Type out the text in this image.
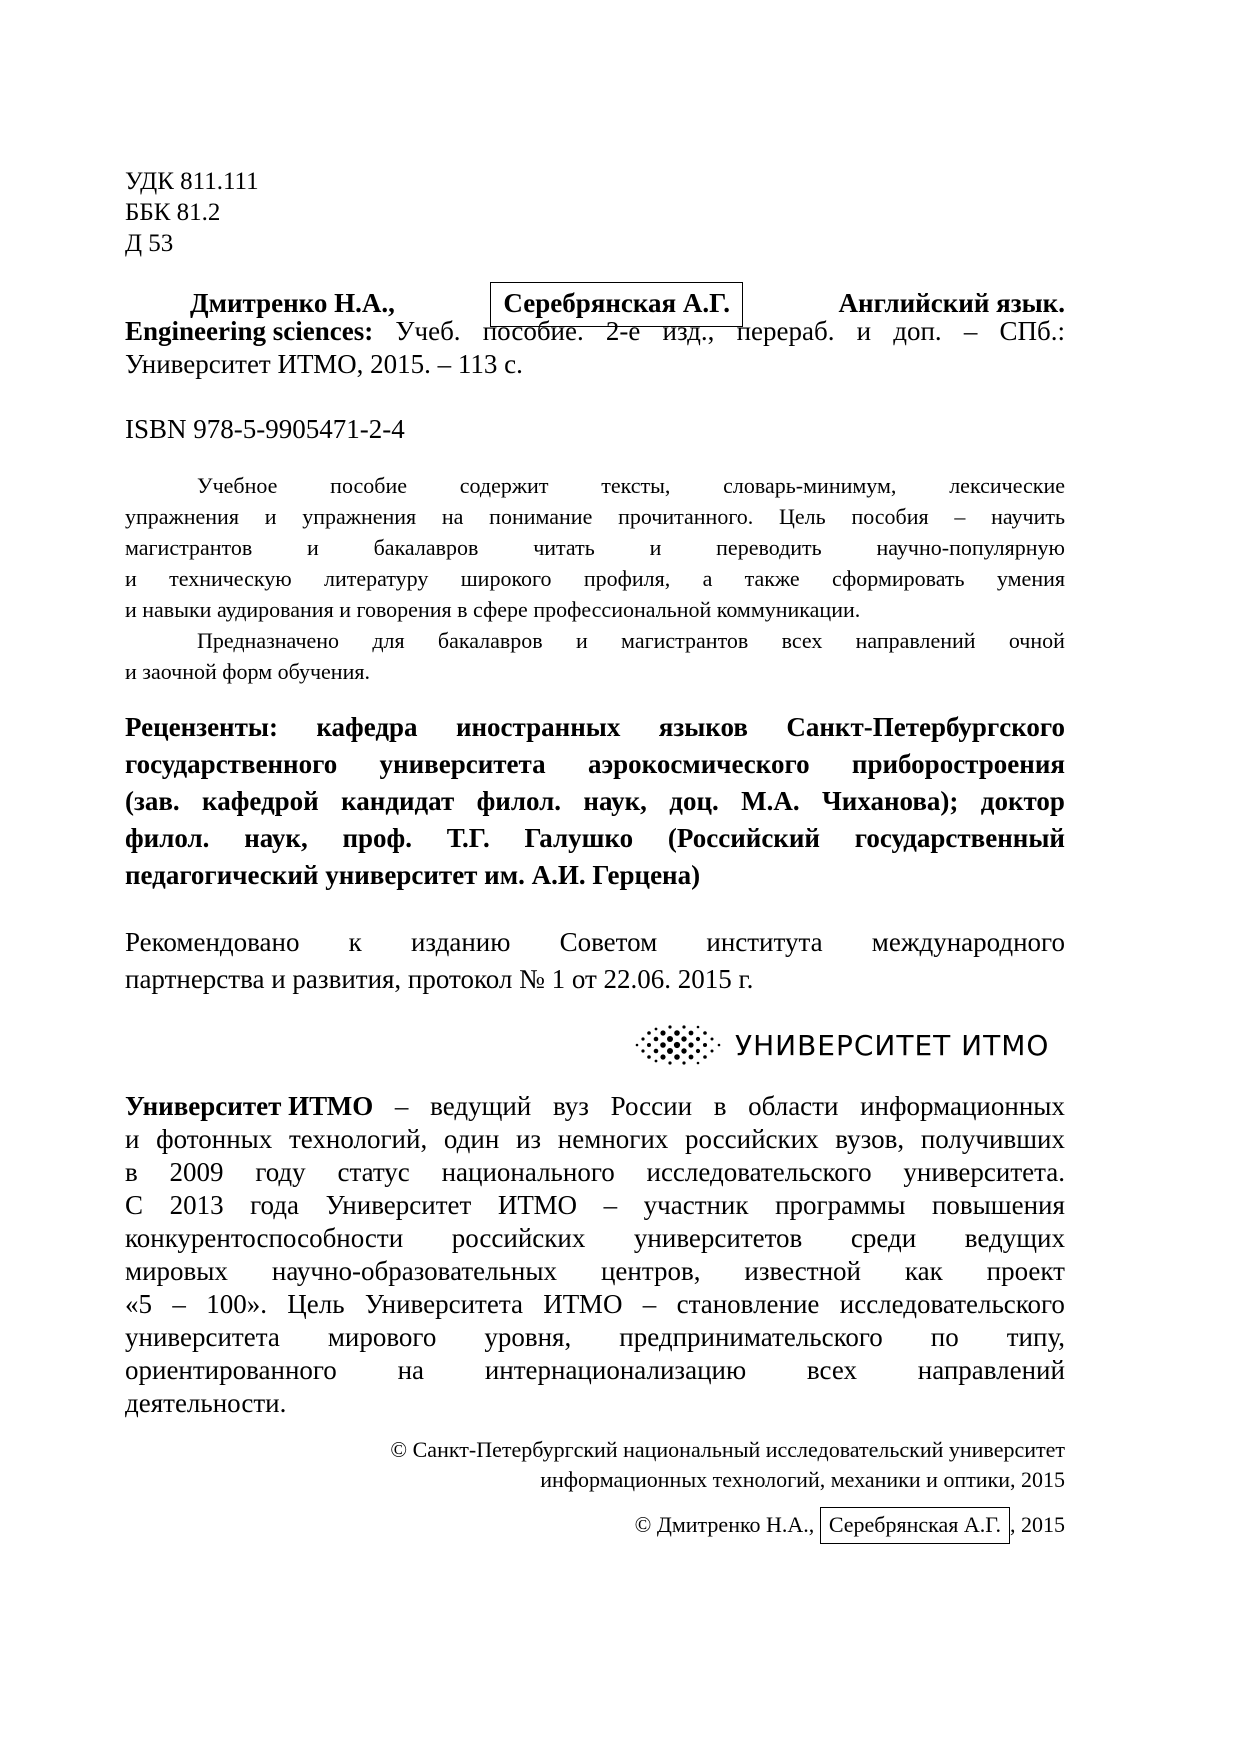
УДК 811.111
ББК 81.2
Д 53
Дмитренко Н.А.,	Серебрянская А.Г.	Английский язык.
Engineering sciences: Учеб. пособие. 2-е изд., перераб. и доп. – СПб.:
Университет ИТМО, 2015. – 113 с.
ISBN 978-5-9905471-2-4
Учебное пособие содержит тексты, словарь-минимум, лексические
упражнения и упражнения на понимание прочитанного. Цель пособия – научить
магистрантов и бакалавров читать и переводить научно-популярную
и техническую литературу широкого профиля, а также сформировать умения
и навыки аудирования и говорения в сфере профессиональной коммуникации.
Предназначено для бакалавров и магистрантов всех направлений очной
и заочной форм обучения.
Рецензенты: кафедра иностранных языков Санкт-Петербургского
государственного университета аэрокосмического приборостроения
(зав. кафедрой кандидат филол. наук, доц. М.А. Чиханова); доктор
филол. наук, проф. Т.Г. Галушко (Российский государственный
педагогический университет им. А.И. Герцена)
Рекомендовано к изданию Советом института международного
партнерства и развития, протокол № 1 от 22.06. 2015 г.
УНИВЕРСИТЕТ ИТМО
Университет ИТМО – ведущий вуз России в области информационных
и фотонных технологий, один из немногих российских вузов, получивших
в 2009 году статус национального исследовательского университета.
С 2013 года Университет ИТМО – участник программы повышения
конкурентоспособности российских университетов среди ведущих
мировых научно-образовательных центров, известной как проект
«5 – 100». Цель Университета ИТМО – становление исследовательского
университета мирового уровня, предпринимательского по типу,
ориентированного на интернационализацию всех направлений
деятельности.
© Санкт-Петербургский национальный исследовательский университет
информационных технологий, механики и оптики, 2015
© Дмитренко Н.А., Серебрянская А.Г. , 2015
